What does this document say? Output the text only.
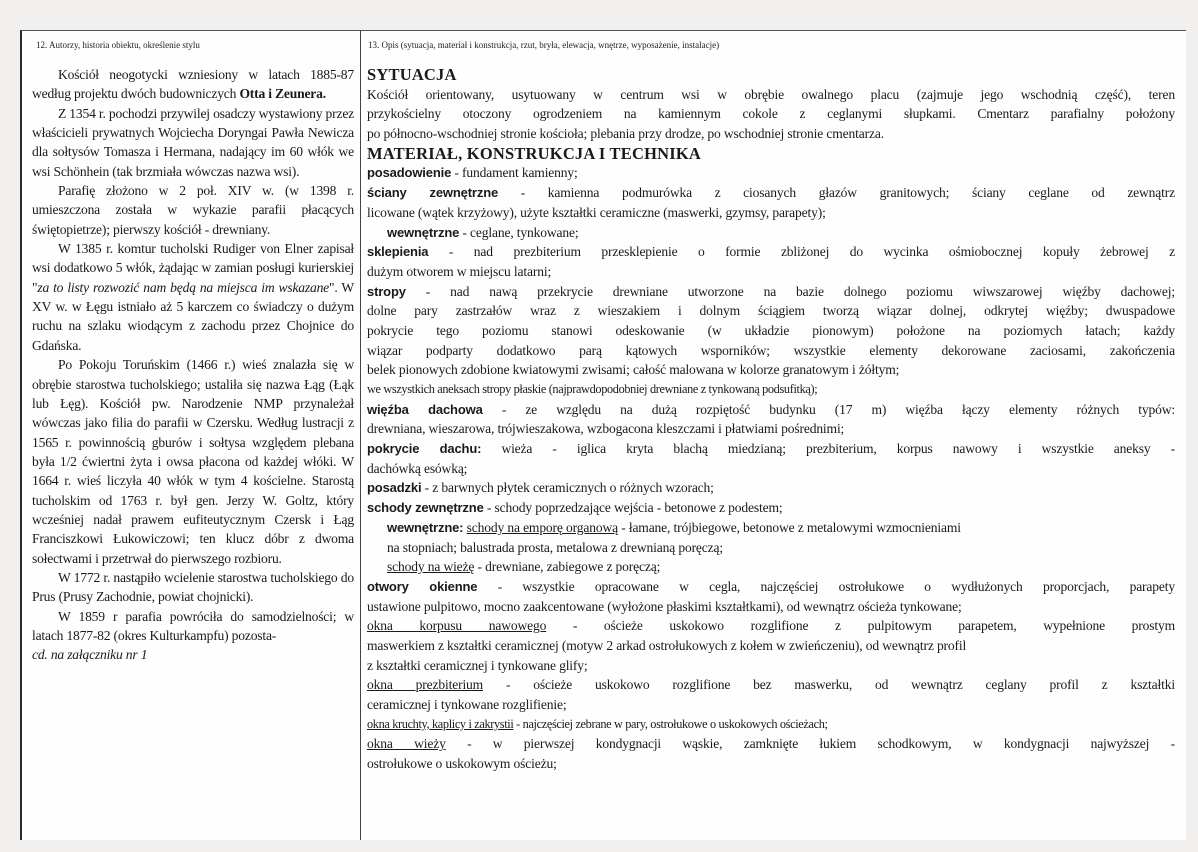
12. Autorzy, historia obiektu, określenie stylu	13. Opis (sytuacja, materiał i konstrukcja, rzut, bryła, elewacja, wnętrze, wyposażenie, instalacje)

Kościół neogotycki wzniesiony w latach 1885-87 według projektu dwóch budowniczych Otta i Zeunera.

Z 1354 r. pochodzi przywilej osadczy wystawiony przez właścicieli prywatnych Wojciecha Doryngai Pawła Newicza dla sołtysów Tomasza i Hermana, nadający im 60 włók we wsi Schönhein (tak brzmiała wówczas nazwa wsi).

Parafię złożono w 2 poł. XIV w. (w 1398 r. umieszczona została w wykazie parafii płacących świętopietrze); pierwszy kościół - drewniany.

W 1385 r. komtur tucholski Rudiger von Elner zapisał wsi dodatkowo 5 włók, żądając w zamian posługi kurierskiej "za to listy rozwozić nam będą na miejsca im wskazane". W XV w. w Łęgu istniało aż 5 karczem co świadczy o dużym ruchu na szlaku wiodącym z zachodu przez Chojnice do Gdańska.

Po Pokoju Toruńskim (1466 r.) wieś znalazła się w obrębie starostwa tucholskiego; ustaliła się nazwa Łąg (Łąk lub Łęg). Kościół pw. Narodzenie NMP przynależał wówczas jako filia do parafii w Czersku. Według lustracji z 1565 r. powinnością gburów i sołtysa względem plebana była 1/2 ćwiertni żyta i owsa płacona od każdej włóki. W 1664 r. wieś liczyła 40 włók w tym 4 kościelne. Starostą tucholskim od 1763 r. był gen. Jerzy W. Goltz, który wcześniej nadał prawem eufiteutycznym Czersk i Łąg Franciszkowi Łukowiczowi; ten klucz dóbr z dwoma sołectwami i przetrwał do pierwszego rozbioru.

W 1772 r. nastąpiło wcielenie starostwa tucholskiego do Prus (Prusy Zachodnie, powiat chojnicki).

W 1859 r parafia powróciła do samodzielności; w latach 1877-82 (okres Kulturkampfu) pozosta-

cd. na załączniku nr 1

SYTUACJA
Kościół orientowany, usytuowany w centrum wsi w obrębie owalnego placu (zajmuje jego wschodnią część), teren
przykościelny otoczony ogrodzeniem na kamiennym cokole z ceglanymi słupkami. Cmentarz parafialny położony
po północno-wschodniej stronie kościoła; plebania przy drodze, po wschodniej stronie cmentarza.
MATERIAŁ, KONSTRUKCJA I TECHNIKA
posadowienie - fundament kamienny;
ściany zewnętrzne - kamienna podmurówka z ciosanych głazów granitowych; ściany ceglane od zewnątrz
licowane (wątek krzyżowy), użyte kształtki ceramiczne (maswerki, gzymsy, parapety);
wewnętrzne - ceglane, tynkowane;
sklepienia - nad prezbiterium przesklepienie o formie zbliżonej do wycinka ośmiobocznej kopuły żebrowej z
dużym otworem w miejscu latarni;
stropy - nad nawą przekrycie drewniane utworzone na bazie dolnego poziomu wiwszarowej więźby dachowej;
dolne pary zastrzałów wraz z wieszakiem i dolnym ściągiem tworzą wiązar dolnej, odkrytej więźby; dwuspadowe
pokrycie tego poziomu stanowi odeskowanie (w układzie pionowym) położone na poziomych łatach; każdy
wiązar podparty dodatkowo parą kątowych wsporników; wszystkie elementy dekorowane zaciosami, zakończenia
belek pionowych zdobione kwiatowymi zwisami; całość malowana w kolorze granatowym i żółtym;
we wszystkich aneksach stropy płaskie (najprawdopodobniej drewniane z tynkowaną podsufitką);
więźba dachowa - ze względu na dużą rozpiętość budynku (17 m) więźba łączy elementy różnych typów:
drewniana, wieszarowa, trójwieszakowa, wzbogacona kleszczami i płatwiami pośrednimi;
pokrycie dachu: wieża - iglica kryta blachą miedzianą; prezbiterium, korpus nawowy i wszystkie aneksy -
dachówką esówką;
posadzki - z barwnych płytek ceramicznych o różnych wzorach;
schody zewnętrzne - schody poprzedzające wejścia - betonowe z podestem;
wewnętrzne: schody na emporę organową - łamane, trójbiegowe, betonowe z metalowymi wzmocnieniami
na stopniach; balustrada prosta, metalowa z drewnianą poręczą;
schody na wieżę - drewniane, zabiegowe z poręczą;
otwory okienne - wszystkie opracowane w cegla, najczęściej ostrołukowe o wydłużonych proporcjach, parapety
ustawione pulpitowo, mocno zaakcentowane (wyłożone płaskimi kształtkami), od wewnątrz ościeża tynkowane;
okna korpusu nawowego - ościeże uskokowo rozglifione z pulpitowym parapetem, wypełnione prostym
maswerkiem z kształtki ceramicznej (motyw 2 arkad ostrołukowych z kołem w zwieńczeniu), od wewnątrz profil
z kształtki ceramicznej i tynkowane glify;
okna prezbiterium - ościeże uskokowo rozglifione bez maswerku, od wewnątrz ceglany profil z kształtki
ceramicznej i tynkowane rozglifienie;
okna kruchty, kaplicy i zakrystii - najczęściej zebrane w pary, ostrołukowe o uskokowych ościeżach;
okna wieży - w pierwszej kondygnacji wąskie, zamknięte łukiem schodkowym, w kondygnacji najwyższej -
ostrołukowe o uskokowym ościeżu;
